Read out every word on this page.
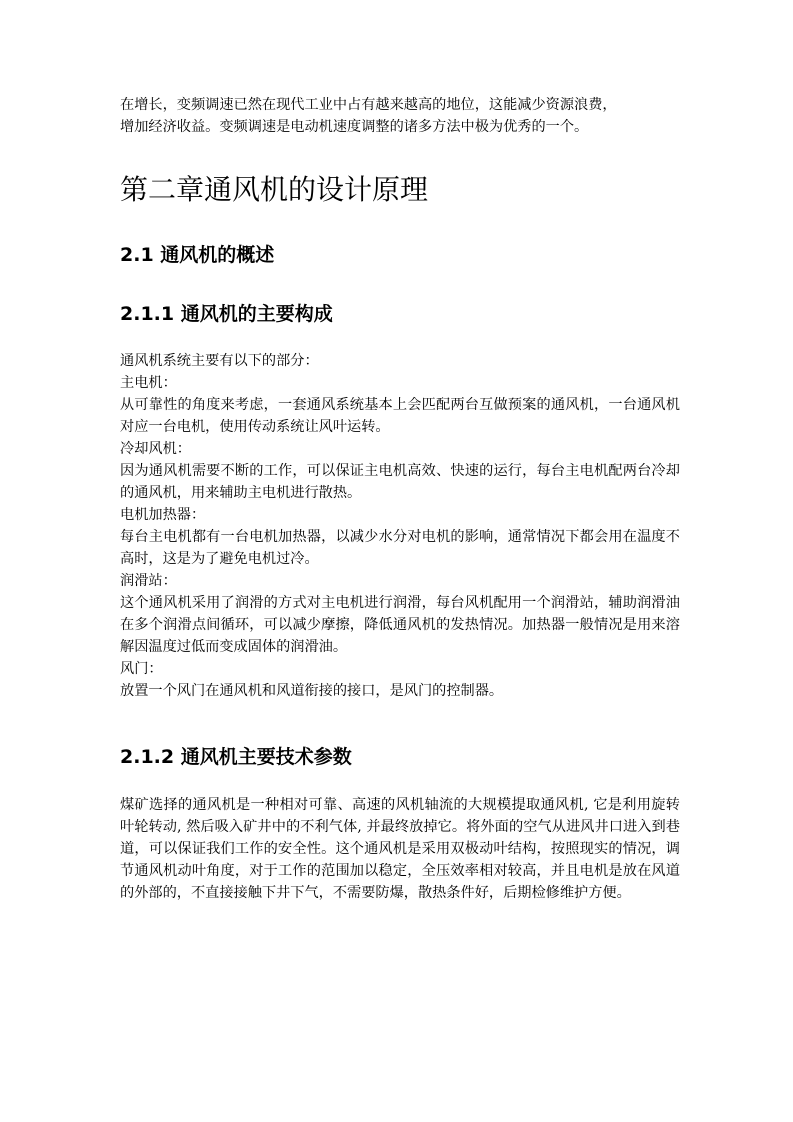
在增长，变频调速已然在现代工业中占有越来越高的地位，这能减少资源浪费，
增加经济收益。变频调速是电动机速度调整的诸多方法中极为优秀的一个。

第二章通风机的设计原理
2.1 通风机的概述
2.1.1 通风机的主要构成

通风机系统主要有以下的部分：

主电机：

从可靠性的角度来考虑，一套通风系统基本上会匹配两台互做预案的通风机，一台通风机对应一台电机，使用传动系统让风叶运转。

冷却风机：

因为通风机需要不断的工作，可以保证主电机高效、快速的运行，每台主电机配两台冷却的通风机，用来辅助主电机进行散热。

电机加热器：

每台主电机都有一台电机加热器，以减少水分对电机的影响，通常情况下都会用在温度不高时，这是为了避免电机过冷。

润滑站：

这个通风机采用了润滑的方式对主电机进行润滑，每台风机配用一个润滑站，辅助润滑油在多个润滑点间循环，可以减少摩擦，降低通风机的发热情况。加热器一般情况是用来溶解因温度过低而变成固体的润滑油。

风门：

放置一个风门在通风机和风道衔接的接口，是风门的控制器。

2.1.2 通风机主要技术参数

煤矿选择的通风机是一种相对可靠、高速的风机轴流的大规模提取通风机, 它是利用旋转叶轮转动, 然后吸入矿井中的不利气体, 并最终放掉它。将外面的空气从进风井口进入到巷道，可以保证我们工作的安全性。这个通风机是采用双极动叶结构，按照现实的情况，调节通风机动叶角度，对于工作的范围加以稳定，全压效率相对较高，并且电机是放在风道的外部的，不直接接触下井下气，不需要防爆，散热条件好，后期检修维护方便。
